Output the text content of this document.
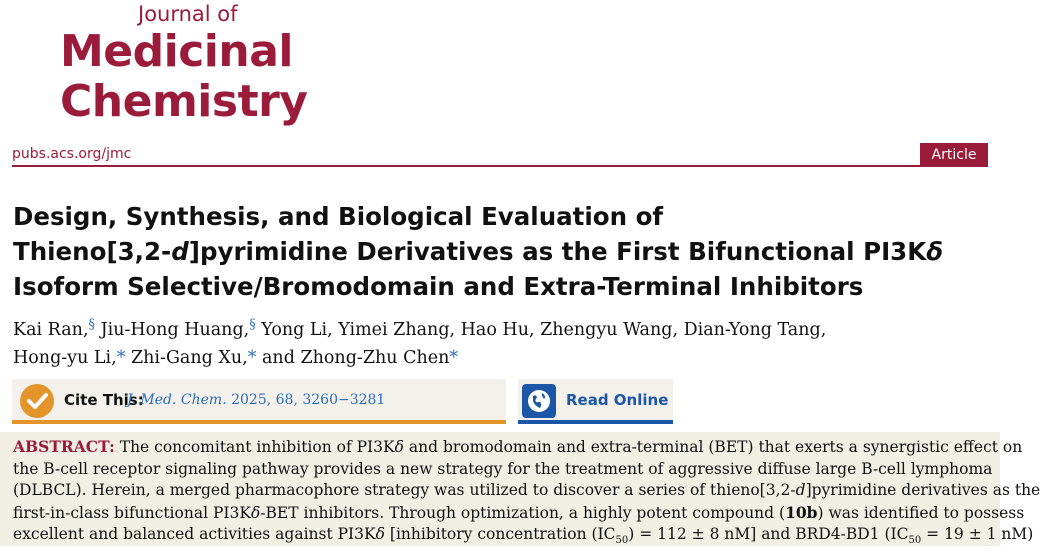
Journal of
Medicinal
Chemistry
pubs.acs.org/jmc	Article
Design, Synthesis, and Biological Evaluation of
Thieno[3,2-d]pyrimidine Derivatives as the First Bifunctional PI3Kδ
Isoform Selective/Bromodomain and Extra-Terminal Inhibitors
Kai Ran,§ Jiu-Hong Huang,§ Yong Li, Yimei Zhang, Hao Hu, Zhengyu Wang, Dian-Yong Tang,
Hong-yu Li,* Zhi-Gang Xu,* and Zhong-Zhu Chen*
Cite This:
J. Med. Chem. 2025, 68, 3260−3281	Read Online
ABSTRACT: The concomitant inhibition of PI3Kδ and bromodomain and extra-terminal (BET) that exerts a synergistic effect on
the B-cell receptor signaling pathway provides a new strategy for the treatment of aggressive diffuse large B-cell lymphoma
(DLBCL). Herein, a merged pharmacophore strategy was utilized to discover a series of thieno[3,2-d]pyrimidine derivatives as the
first-in-class bifunctional PI3Kδ-BET inhibitors. Through optimization, a highly potent compound (10b) was identified to possess
excellent and balanced activities against PI3Kδ [inhibitory concentration $(IC_{50}) = 112 \pm 8$ nM] and BRD4-BD1 ($IC_{50} = 19 \pm 1$ nM)
